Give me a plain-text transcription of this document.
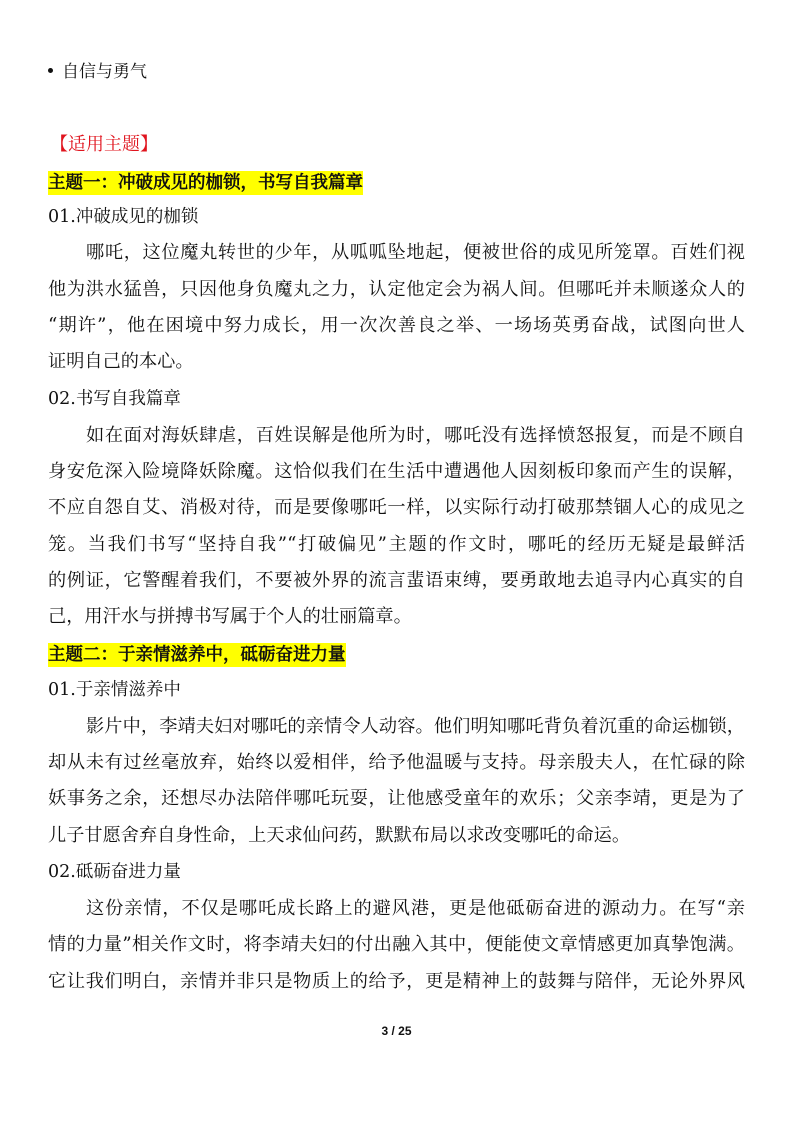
自信与勇气
【适用主题】
主题一：冲破成见的枷锁，书写自我篇章
01.冲破成见的枷锁
哪吒，这位魔丸转世的少年，从呱呱坠地起，便被世俗的成见所笼罩。百姓们视
他为洪水猛兽，只因他身负魔丸之力，认定他定会为祸人间。但哪吒并未顺遂众人的
“期许”，他在困境中努力成长，用一次次善良之举、一场场英勇奋战，试图向世人
证明自己的本心。
02.书写自我篇章
如在面对海妖肆虐，百姓误解是他所为时，哪吒没有选择愤怒报复，而是不顾自
身安危深入险境降妖除魔。这恰似我们在生活中遭遇他人因刻板印象而产生的误解，
不应自怨自艾、消极对待，而是要像哪吒一样，以实际行动打破那禁锢人心的成见之
笼。当我们书写“坚持自我”“打破偏见”主题的作文时，哪吒的经历无疑是最鲜活
的例证，它警醒着我们，不要被外界的流言蜚语束缚，要勇敢地去追寻内心真实的自
己，用汗水与拼搏书写属于个人的壮丽篇章。
主题二：于亲情滋养中，砥砺奋进力量
01.于亲情滋养中
影片中，李靖夫妇对哪吒的亲情令人动容。他们明知哪吒背负着沉重的命运枷锁，
却从未有过丝毫放弃，始终以爱相伴，给予他温暖与支持。母亲殷夫人，在忙碌的除
妖事务之余，还想尽办法陪伴哪吒玩耍，让他感受童年的欢乐；父亲李靖，更是为了
儿子甘愿舍弃自身性命，上天求仙问药，默默布局以求改变哪吒的命运。
02.砥砺奋进力量
这份亲情，不仅是哪吒成长路上的避风港，更是他砥砺奋进的源动力。在写“亲
情的力量”相关作文时，将李靖夫妇的付出融入其中，便能使文章情感更加真挚饱满。
它让我们明白，亲情并非只是物质上的给予，更是精神上的鼓舞与陪伴，无论外界风
3 / 25
